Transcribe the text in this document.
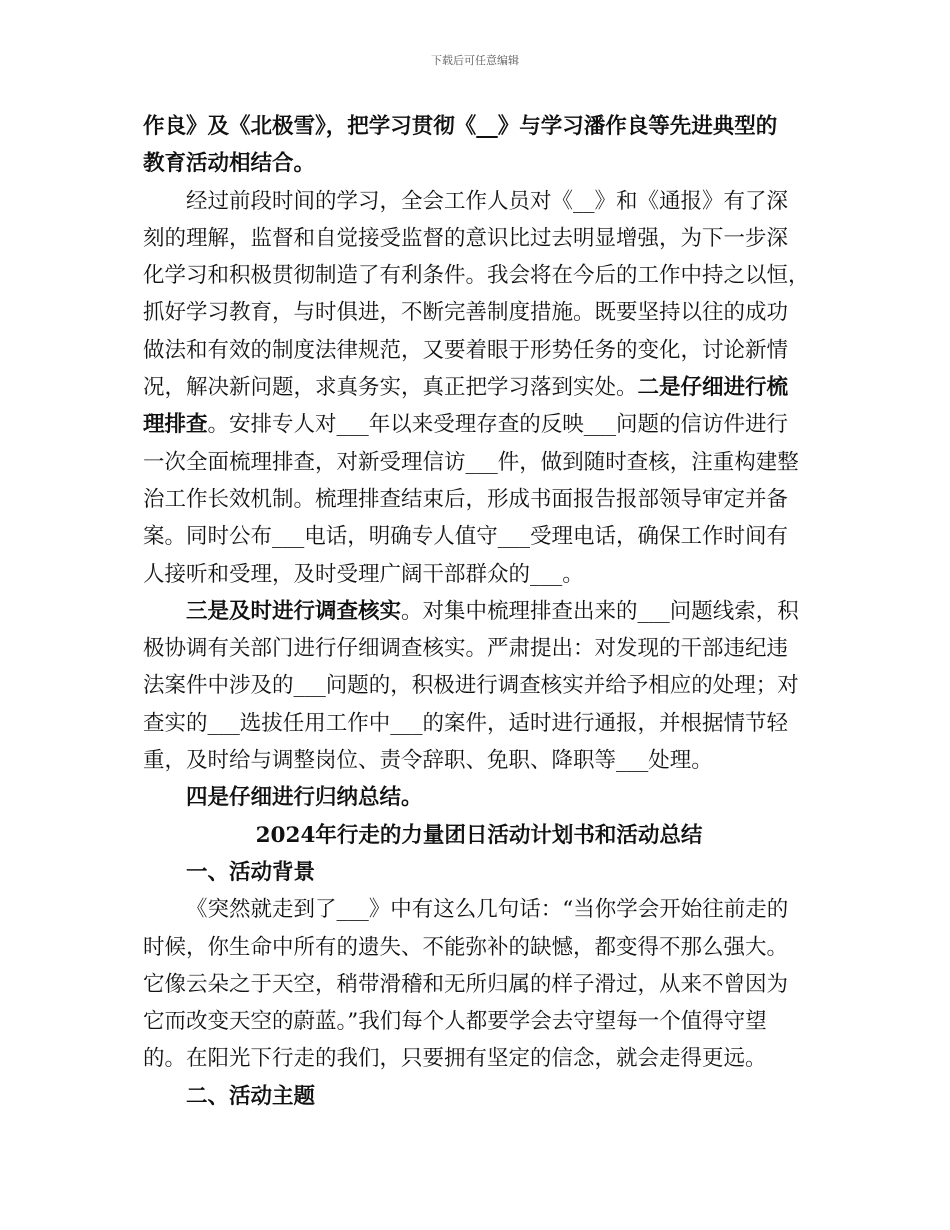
下载后可任意编辑

作良》及《北极雪》，把学习贯彻《__》与学习潘作良等先进典型的
教育活动相结合。

经过前段时间的学习，全会工作人员对《__》和《通报》有了深
刻的理解，监督和自觉接受监督的意识比过去明显增强，为下一步深
化学习和积极贯彻制造了有利条件。我会将在今后的工作中持之以恒，
抓好学习教育，与时俱进，不断完善制度措施。既要坚持以往的成功
做法和有效的制度法律规范，又要着眼于形势任务的变化，讨论新情
况，解决新问题，求真务实，真正把学习落到实处。二是仔细进行梳
理排查。安排专人对___年以来受理存查的反映___问题的信访件进行
一次全面梳理排查，对新受理信访___件，做到随时查核，注重构建整
治工作长效机制。梳理排查结束后，形成书面报告报部领导审定并备
案。同时公布___电话，明确专人值守___受理电话，确保工作时间有
人接听和受理，及时受理广阔干部群众的___。

三是及时进行调查核实。对集中梳理排查出来的___问题线索，积
极协调有关部门进行仔细调查核实。严肃提出：对发现的干部违纪违
法案件中涉及的___问题的，积极进行调查核实并给予相应的处理；对
查实的___选拔任用工作中___的案件，适时进行通报，并根据情节轻
重，及时给与调整岗位、责令辞职、免职、降职等___处理。

四是仔细进行归纳总结。

2024年行走的力量团日活动计划书和活动总结

一、活动背景

《突然就走到了___》中有这么几句话：“当你学会开始往前走的
时候，你生命中所有的遗失、不能弥补的缺憾，都变得不那么强大。
它像云朵之于天空，稍带滑稽和无所归属的样子滑过，从来不曾因为
它而改变天空的蔚蓝。”我们每个人都要学会去守望每一个值得守望
的。在阳光下行走的我们，只要拥有坚定的信念，就会走得更远。

二、活动主题
